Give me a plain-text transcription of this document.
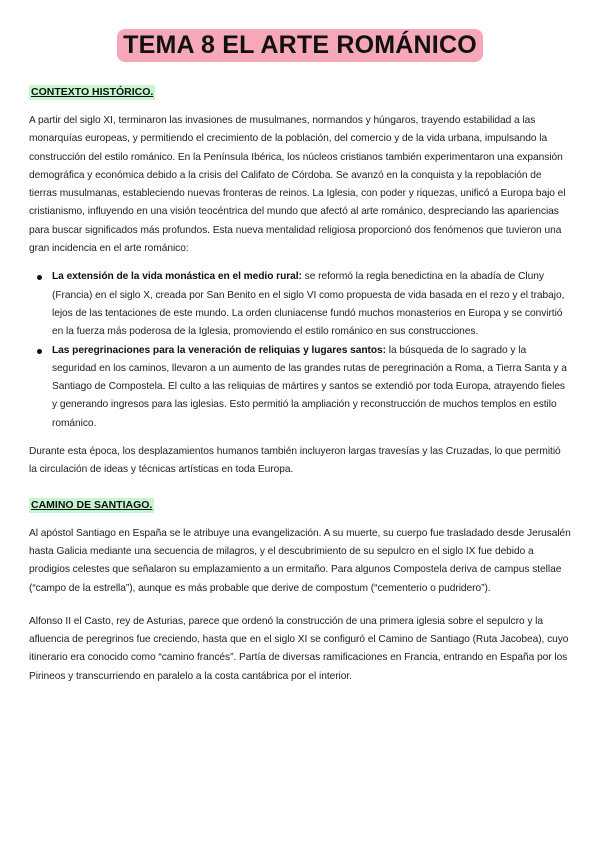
TEMA 8 EL ARTE ROMÁNICO
CONTEXTO HISTÓRICO.

A partir del siglo XI, terminaron las invasiones de musulmanes, normandos y húngaros, trayendo estabilidad a las monarquías europeas, y permitiendo el crecimiento de la población, del comercio y de la vida urbana, impulsando la construcción del estilo románico. En la Península Ibérica, los núcleos cristianos también experimentaron una expansión demográfica y económica debido a la crisis del Califato de Córdoba. Se avanzó en la conquista y la repoblación de tierras musulmanas, estableciendo nuevas fronteras de reinos. La Iglesia, con poder y riquezas, unificó a Europa bajo el cristianismo, influyendo en una visión teocéntrica del mundo que afectó al arte románico, despreciando las apariencias para buscar significados más profundos. Esta nueva mentalidad religiosa proporcionó dos fenómenos que tuvieron una gran incidencia en el arte románico:

La extensión de la vida monástica en el medio rural: se reformó la regla benedictina en la abadía de Cluny (Francia) en el siglo X, creada por San Benito en el siglo VI como propuesta de vida basada en el rezo y el trabajo, lejos de las tentaciones de este mundo. La orden cluniacense fundó muchos monasterios en Europa y se convirtió en la fuerza más poderosa de la Iglesia, promoviendo el estilo románico en sus construcciones.
Las peregrinaciones para la veneración de reliquias y lugares santos: la búsqueda de lo sagrado y la seguridad en los caminos, llevaron a un aumento de las grandes rutas de peregrinación a Roma, a Tierra Santa y a Santiago de Compostela. El culto a las reliquias de mártires y santos se extendió por toda Europa, atrayendo fieles y generando ingresos para las iglesias. Esto permitió la ampliación y reconstrucción de muchos templos en estilo románico.

Durante esta época, los desplazamientos humanos también incluyeron largas travesías y las Cruzadas, lo que permitió la circulación de ideas y técnicas artísticas en toda Europa.

CAMINO DE SANTIAGO.

Al apóstol Santiago en España se le atribuye una evangelización. A su muerte, su cuerpo fue trasladado desde Jerusalén hasta Galicia mediante una secuencia de milagros, y el descubrimiento de su sepulcro en el siglo IX fue debido a prodigios celestes que señalaron su emplazamiento a un ermitaño. Para algunos Compostela deriva de campus stellae (“campo de la estrella”), aunque es más probable que derive de compostum (“cementerio o pudridero”).

Alfonso II el Casto, rey de Asturias, parece que ordenó la construcción de una primera iglesia sobre el sepulcro y la afluencia de peregrinos fue creciendo, hasta que en el siglo XI se configuró el Camino de Santiago (Ruta Jacobea), cuyo itinerario era conocido como “camino francés”. Partía de diversas ramificaciones en Francia, entrando en España por los Pirineos y transcurriendo en paralelo a la costa cantábrica por el interior.
